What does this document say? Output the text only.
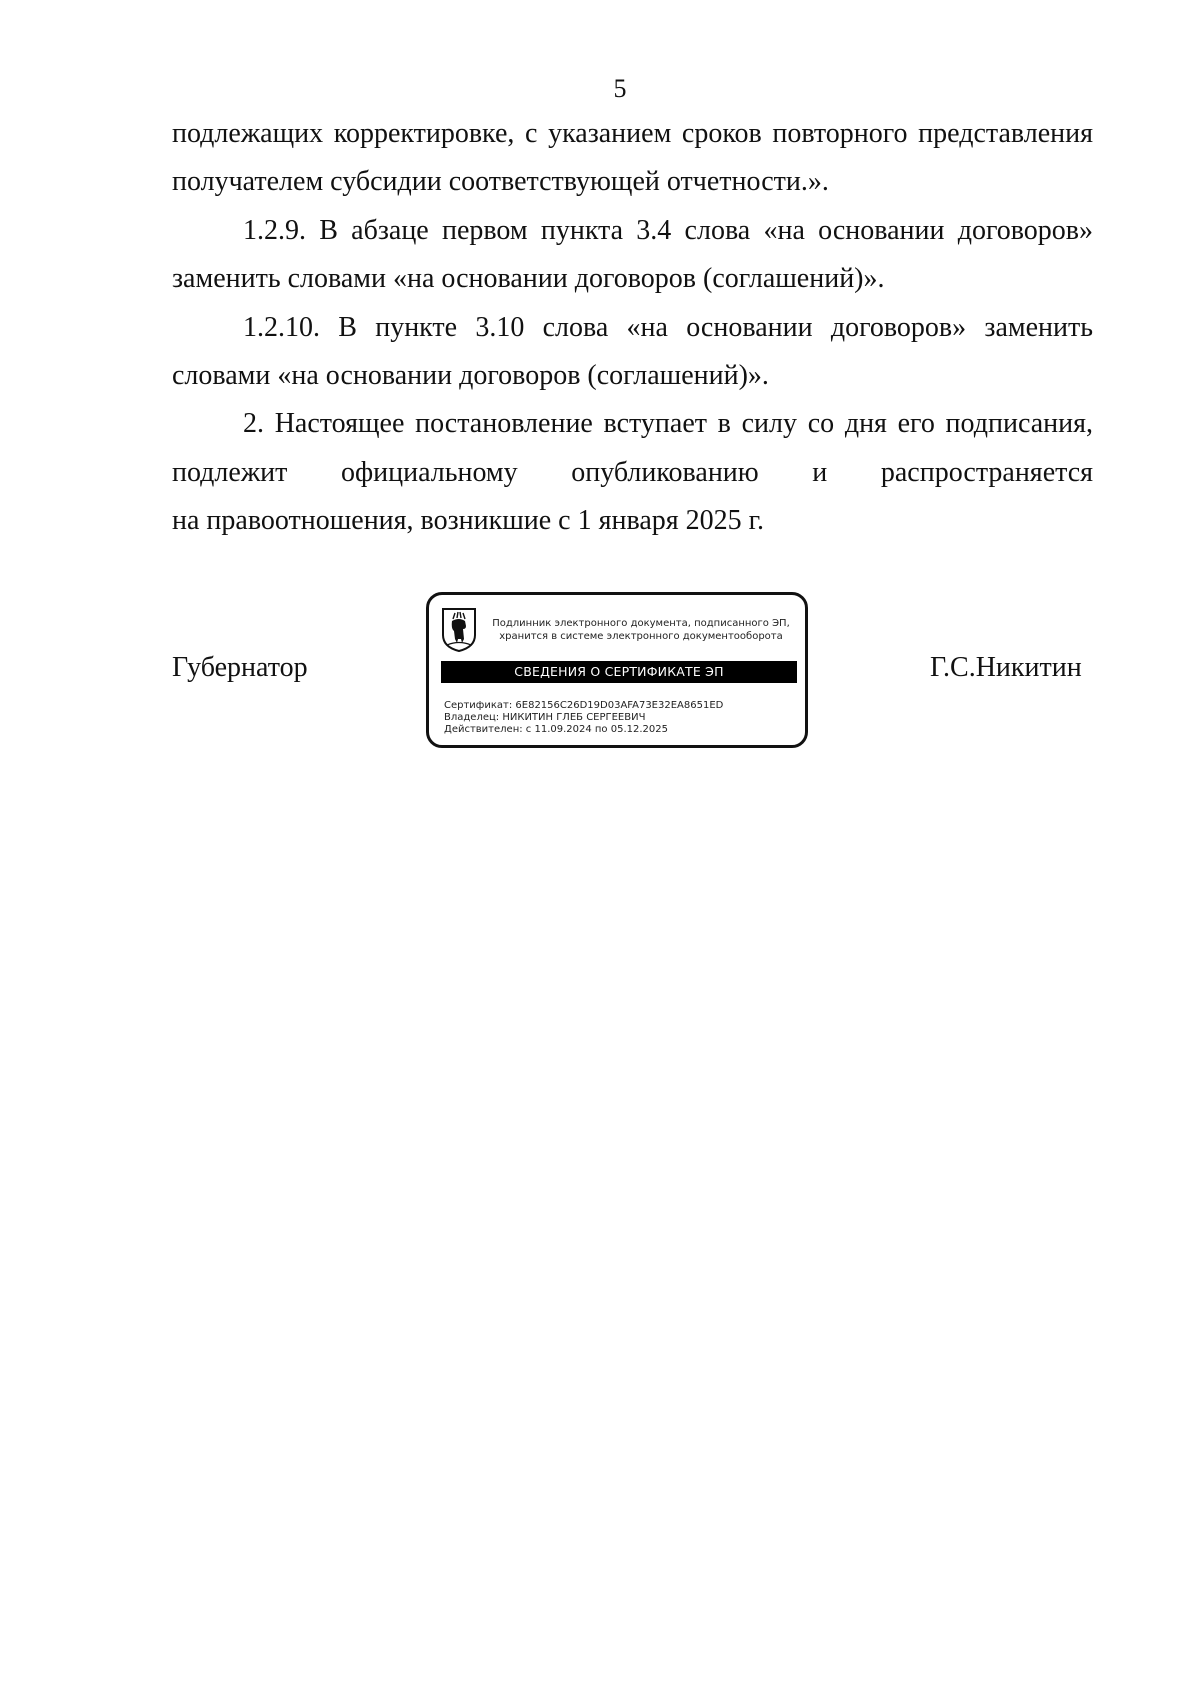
5

подлежащих корректировке, с указанием сроков повторного представления

получателем субсидии соответствующей отчетности.».

1.2.9. В абзаце первом пункта 3.4 слова «на основании договоров» заменить словами «на основании договоров (соглашений)».

1.2.10. В пункте 3.10 слова «на основании договоров» заменить словами «на основании договоров (соглашений)».

2. Настоящее постановление вступает в силу со дня его подписания,

подлежит официальному опубликованию и распространяется

на правоотношения, возникшие с 1 января 2025 г.

Губернатор	Г.С.Никитин
Подлинник электронного документа, подписанного ЭП,
хранится в системе электронного документооборота
СВЕДЕНИЯ О СЕРТИФИКАТЕ ЭП
Сертификат: 6E82156C26D19D03AFA73E32EA8651ED
Владелец: НИКИТИН ГЛЕБ СЕРГЕЕВИЧ
Действителен: с 11.09.2024 по 05.12.2025
